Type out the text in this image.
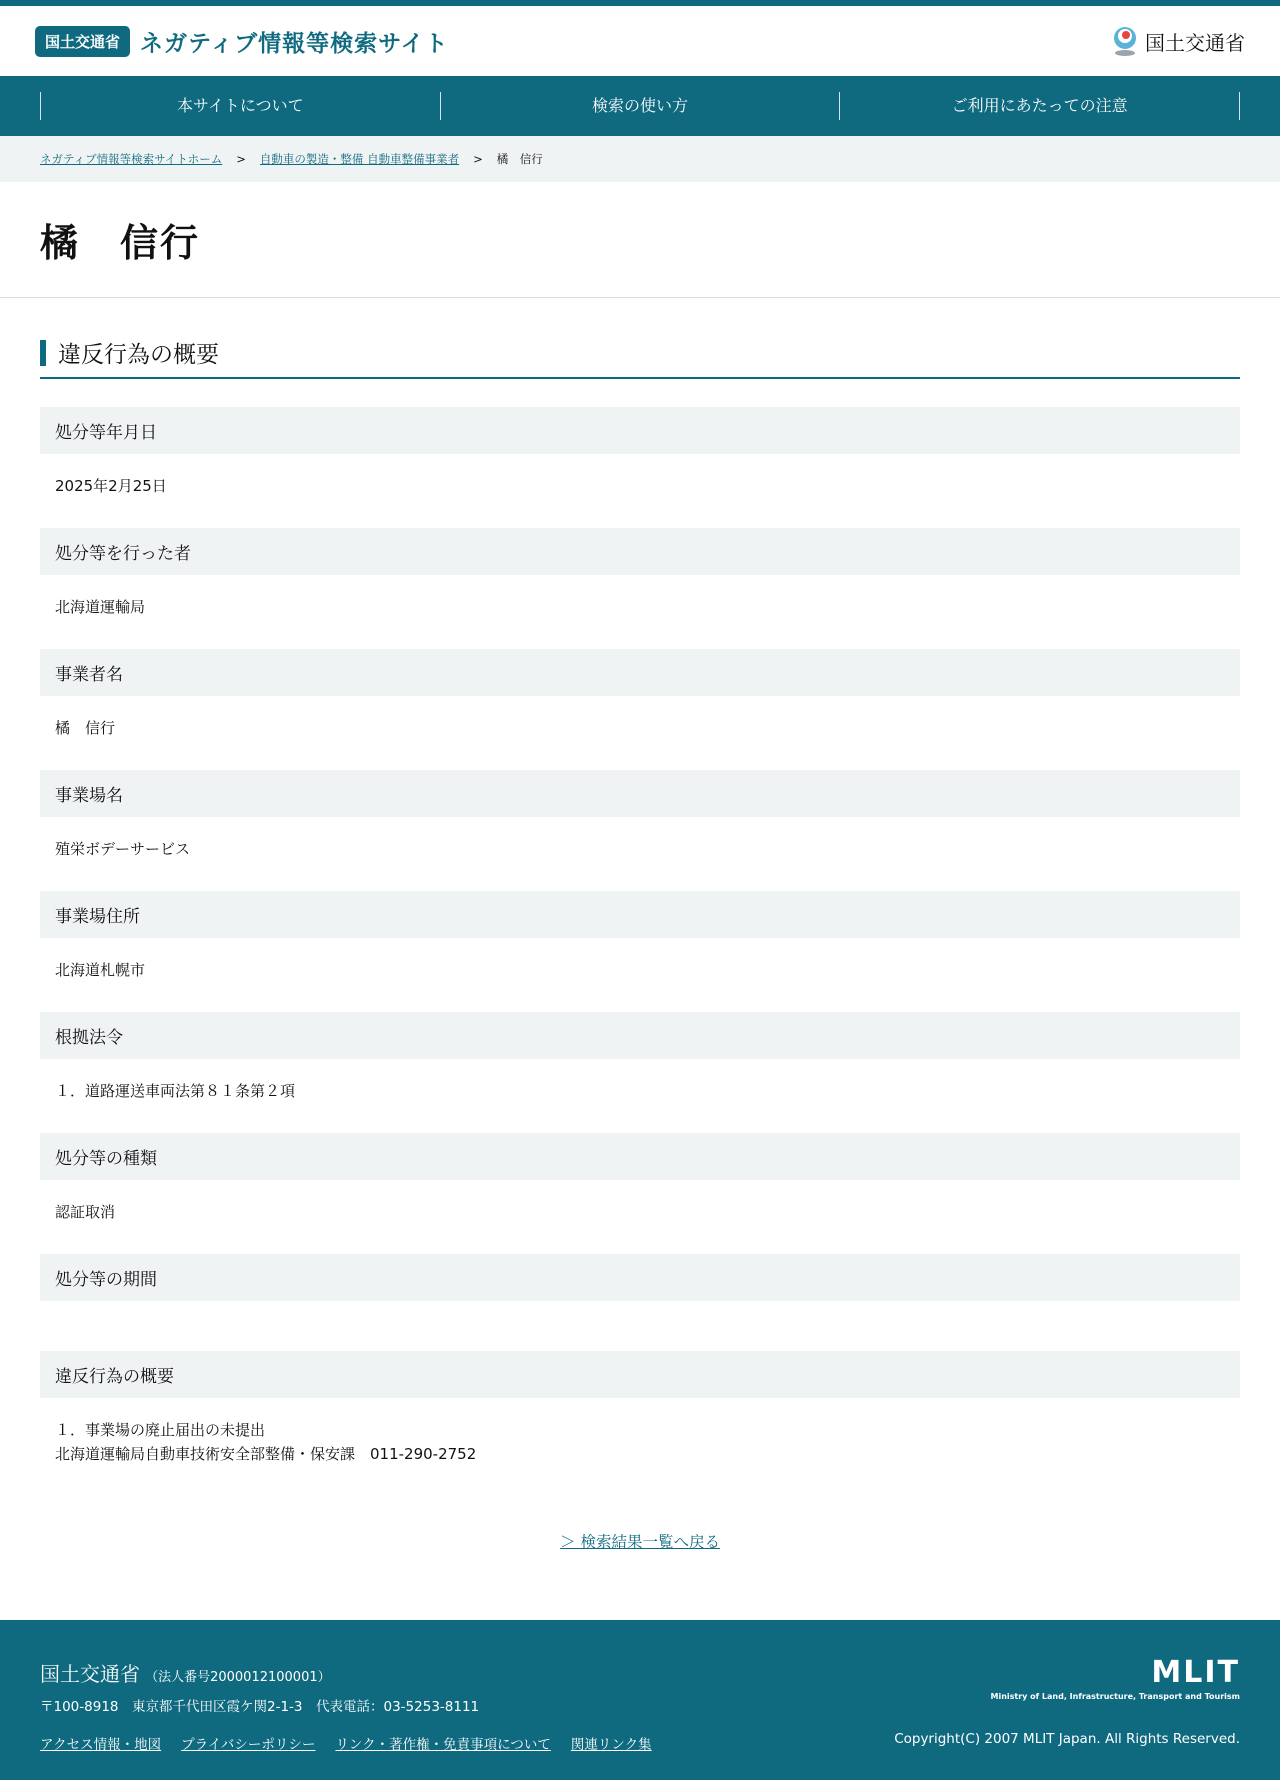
国土交通省 ネガティブ情報等検索サイト	国土交通省
本サイトについて	検索の使い方	ご利用にあたっての注意
ネガティブ情報等検索サイトホーム > 自動車の製造・整備 自動車整備事業者 > 橘　信行
橘　信行
違反行為の概要
処分等年月日
2025年2月25日
処分等を行った者
北海道運輸局
事業者名
橘　信行
事業場名
殖栄ボデーサービス
事業場住所
北海道札幌市
根拠法令
１．道路運送車両法第８１条第２項
処分等の種類
認証取消
処分等の期間
違反行為の概要
１．事業場の廃止届出の未提出
北海道運輸局自動車技術安全部整備・保安課　011-290-2752
＞ 検索結果一覧へ戻る
国土交通省 （法人番号2000012100001）
〒100-8918　東京都千代田区霞ケ関2-1-3　代表電話：03-5253-8111
アクセス情報・地図 プライバシーポリシー リンク・著作権・免責事項について 関連リンク集
MLIT
Ministry of Land, Infrastructure, Transport and Tourism
Copyright(C) 2007 MLIT Japan. All Rights Reserved.
